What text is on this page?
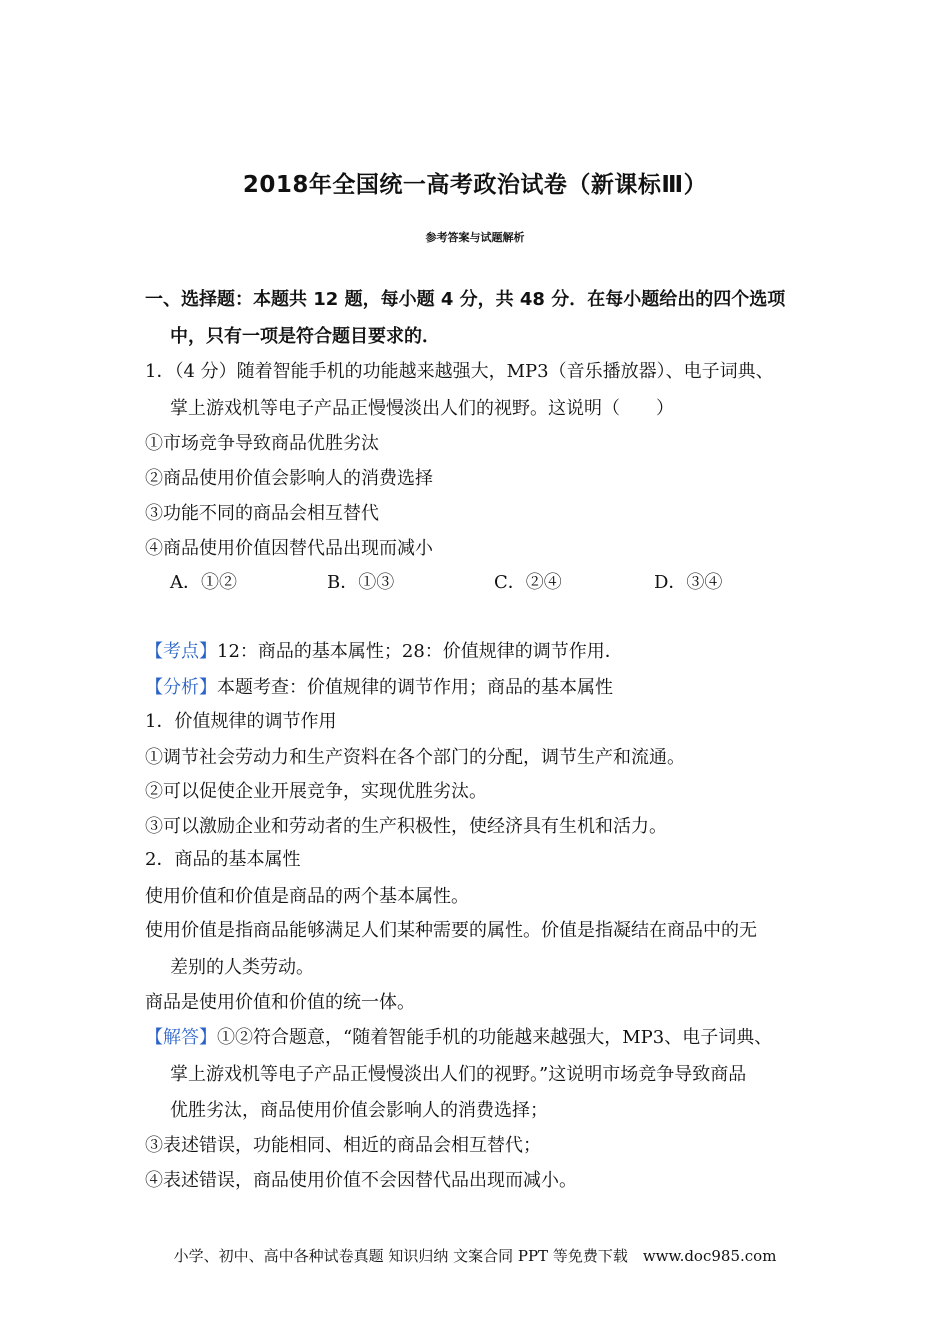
2018年全国统一高考政治试卷（新课标Ⅲ）
参考答案与试题解析
一、选择题：本题共 12 题，每小题 4 分，共 48 分．在每小题给出的四个选项
中，只有一项是符合题目要求的．
1．（4 分）随着智能手机的功能越来越强大，MP3（音乐播放器）、电子词典、
掌上游戏机等电子产品正慢慢淡出人们的视野。这说明（　　）
①市场竞争导致商品优胜劣汰
②商品使用价值会影响人的消费选择
③功能不同的商品会相互替代
④商品使用价值因替代品出现而减小
A．①②	B．①③	C．②④	D．③④
【考点】12：商品的基本属性；28：价值规律的调节作用．
【分析】本题考查：价值规律的调节作用；商品的基本属性
1．价值规律的调节作用
①调节社会劳动力和生产资料在各个部门的分配，调节生产和流通。
②可以促使企业开展竞争，实现优胜劣汰。
③可以激励企业和劳动者的生产积极性，使经济具有生机和活力。
2．商品的基本属性
使用价值和价值是商品的两个基本属性。
使用价值是指商品能够满足人们某种需要的属性。价值是指凝结在商品中的无
差别的人类劳动。
商品是使用价值和价值的统一体。
【解答】①②符合题意，“随着智能手机的功能越来越强大，MP3、电子词典、
掌上游戏机等电子产品正慢慢淡出人们的视野。”这说明市场竞争导致商品
优胜劣汰，商品使用价值会影响人的消费选择；
③表述错误，功能相同、相近的商品会相互替代；
④表述错误，商品使用价值不会因替代品出现而减小。
小学、初中、高中各种试卷真题 知识归纳 文案合同 PPT 等免费下载　www.doc985.com
